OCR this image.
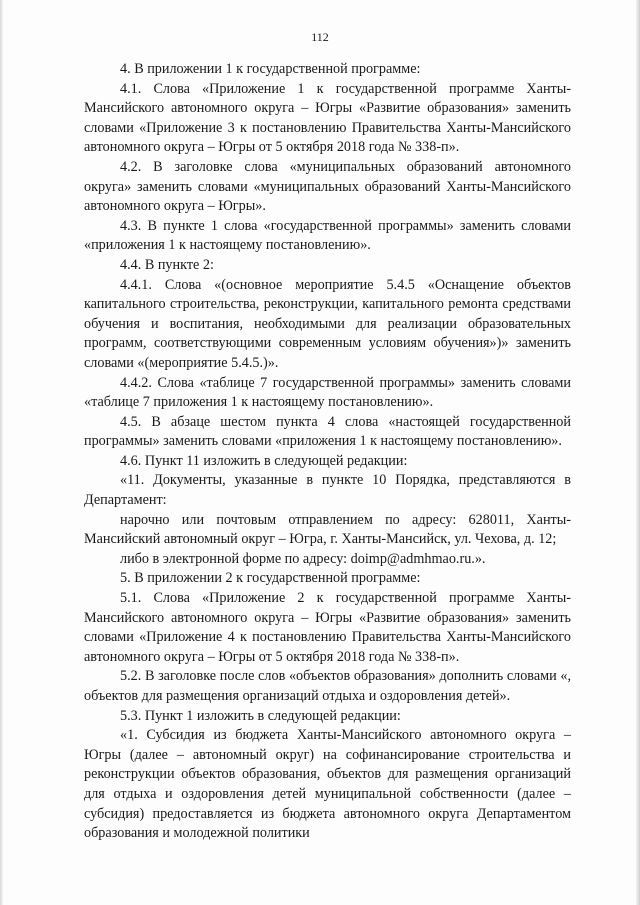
112

4. В приложении 1 к государственной программе:

4.1. Слова «Приложение 1 к государственной программе Ханты-Мансийского автономного округа – Югры «Развитие образования» заменить словами «Приложение 3 к постановлению Правительства Ханты-Мансийского автономного округа – Югры от 5 октября 2018 года № 338-п».

4.2. В заголовке слова «муниципальных образований автономного округа» заменить словами «муниципальных образований Ханты-Мансийского автономного округа – Югры».

4.3. В пункте 1 слова «государственной программы» заменить словами «приложения 1 к настоящему постановлению».

4.4. В пункте 2:

4.4.1. Слова «(основное мероприятие 5.4.5 «Оснащение объектов капитального строительства, реконструкции, капитального ремонта средствами обучения и воспитания, необходимыми для реализации образовательных программ, соответствующими современным условиям обучения»)» заменить словами «(мероприятие 5.4.5.)».

4.4.2. Слова «таблице 7 государственной программы» заменить словами «таблице 7 приложения 1 к настоящему постановлению».

4.5. В абзаце шестом пункта 4 слова «настоящей государственной программы» заменить словами «приложения 1 к настоящему постановлению».

4.6. Пункт 11 изложить в следующей редакции:

«11. Документы, указанные в пункте 10 Порядка, представляются в Департамент:

нарочно или почтовым отправлением по адресу: 628011, Ханты-Мансийский автономный округ – Югра, г. Ханты-Мансийск, ул. Чехова, д. 12;

либо в электронной форме по адресу: doimp@admhmao.ru.».

5. В приложении 2 к государственной программе:

5.1. Слова «Приложение 2 к государственной программе Ханты-Мансийского автономного округа – Югры «Развитие образования» заменить словами «Приложение 4 к постановлению Правительства Ханты-Мансийского автономного округа – Югры от 5 октября 2018 года № 338-п».

5.2. В заголовке после слов «объектов образования» дополнить словами «, объектов для размещения организаций отдыха и оздоровления детей».

5.3. Пункт 1 изложить в следующей редакции:

«1. Субсидия из бюджета Ханты-Мансийского автономного округа – Югры (далее – автономный округ) на софинансирование строительства и реконструкции объектов образования, объектов для размещения организаций для отдыха и оздоровления детей муниципальной собственности (далее – субсидия) предоставляется из бюджета автономного округа Департаментом образования и молодежной политики
